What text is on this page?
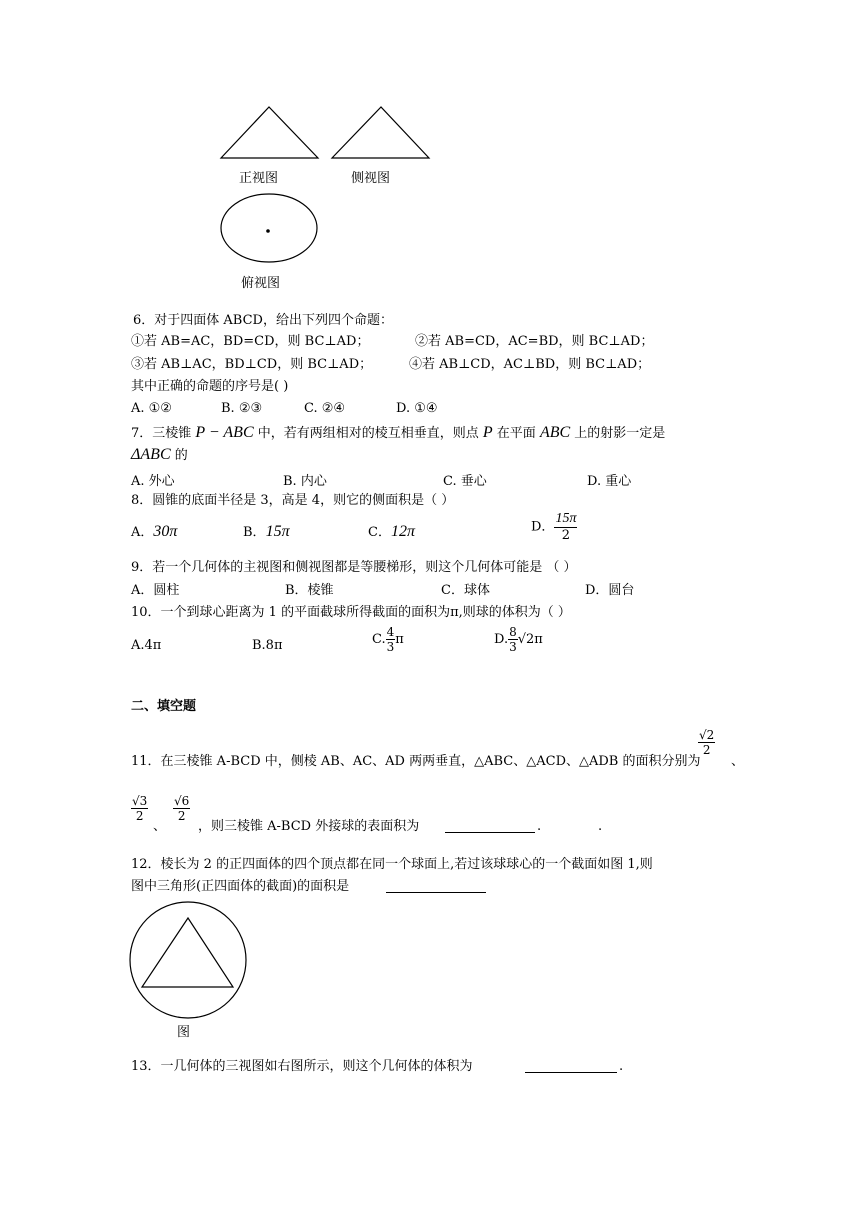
正视图	侧视图
俯视图
6．对于四面体 ABCD，给出下列四个命题：
①若 AB=AC，BD=CD，则 BC⊥AD；	②若 AB=CD，AC=BD，则 BC⊥AD；
③若 AB⊥AC，BD⊥CD，则 BC⊥AD；	④若 AB⊥CD，AC⊥BD，则 BC⊥AD；
其中正确的命题的序号是( )
A. ①②	B. ②③	C. ②④	D. ①④
7．三棱锥 P − ABC 中，若有两组相对的棱互相垂直，则点 P 在平面 ABC 上的射影一定是
ΔABC 的
A. 外心	B. 内心	C. 垂心	D. 重心
8．圆锥的底面半径是 3，高是 4，则它的侧面积是（ ）
A．30π	B．15π	C．12π	D． $\frac{15\pi}{2}$
9．若一个几何体的主视图和侧视图都是等腰梯形，则这个几何体可能是 （ ）
A．圆柱	B．棱锥	C．球体	D．圆台
10．一个到球心距离为 1 的平面截球所得截面的面积为π,则球的体积为（ ）
A.4π	B.8π	C. $\frac{4}{3}$ π	D. $\frac{8}{3} √2\pi$
二、填空题
11．在三棱锥 A-BCD 中，侧棱 AB、AC、AD 两两垂直，△ABC、△ACD、△ADB 的面积分别为
$\frac{√2}{2}$
、
$\frac{√3}{2}$
、
$\frac{√6}{2}$
，则三棱锥 A-BCD 外接球的表面积为	.	.
12．棱长为 2 的正四面体的四个顶点都在同一个球面上,若过该球球心的一个截面如图 1,则
图中三角形(正四面体的截面)的面积是
图
13．一几何体的三视图如右图所示，则这个几何体的体积为	.
